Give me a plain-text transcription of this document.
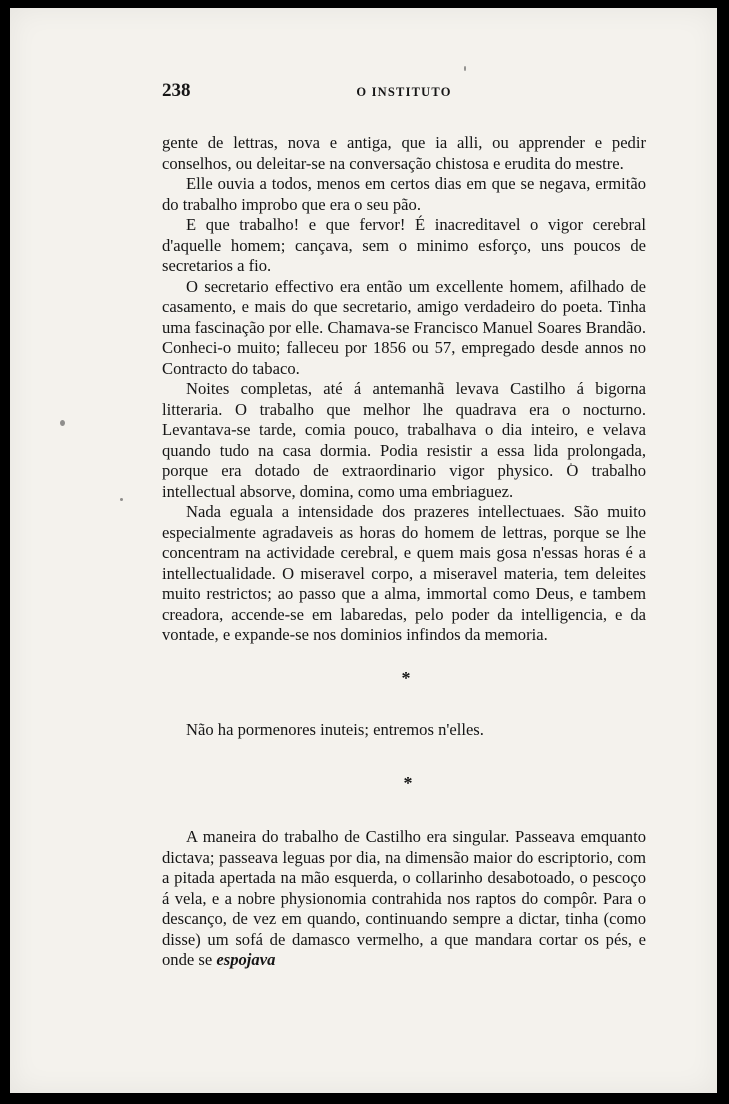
238	O INSTITUTO

gente de lettras, nova e antiga, que ia alli, ou apprender e pedir conselhos, ou deleitar-se na conversação chistosa e erudita do mestre.

Elle ouvia a todos, menos em certos dias em que se negava, ermitão do trabalho improbo que era o seu pão.

E que trabalho! e que fervor! É inacreditavel o vigor cerebral d'aquelle homem; cançava, sem o minimo esforço, uns poucos de secretarios a fio.

O secretario effectivo era então um excellente homem, afilhado de casamento, e mais do que secretario, amigo verdadeiro do poeta. Tinha uma fascinação por elle. Chamava-se Francisco Manuel Soares Brandão. Conheci-o muito; falleceu por 1856 ou 57, empregado desde annos no Contracto do tabaco.

Noites completas, até á antemanhã levava Castilho á bigorna litteraria. O trabalho que melhor lhe quadrava era o nocturno. Levantava-se tarde, comia pouco, trabalhava o dia inteiro, e velava quando tudo na casa dormia. Podia resistir a essa lida prolongada, porque era dotado de extraordinario vigor physico. O trabalho intellectual absorve, domina, como uma embriaguez.

Nada eguala a intensidade dos prazeres intellectuaes. São muito especialmente agradaveis as horas do homem de lettras, porque se lhe concentram na actividade cerebral, e quem mais gosa n'essas horas é a intellectualidade. O miseravel corpo, a miseravel materia, tem deleites muito restrictos; ao passo que a alma, immortal como Deus, e tambem creadora, accende-se em labaredas, pelo poder da intelligencia, e da vontade, e expande-se nos dominios infindos da memoria.

*
Não ha pormenores inuteis; entremos n'elles.
*

A maneira do trabalho de Castilho era singular. Passeava emquanto dictava; passeava leguas por dia, na dimensão maior do escriptorio, com a pitada apertada na mão esquerda, o collarinho desabotoado, o pescoço á vela, e a nobre physionomia contrahida nos raptos do compôr. Para o descanço, de vez em quando, continuando sempre a dictar, tinha (como disse) um sofá de damasco vermelho, a que mandara cortar os pés, e onde se espojava
